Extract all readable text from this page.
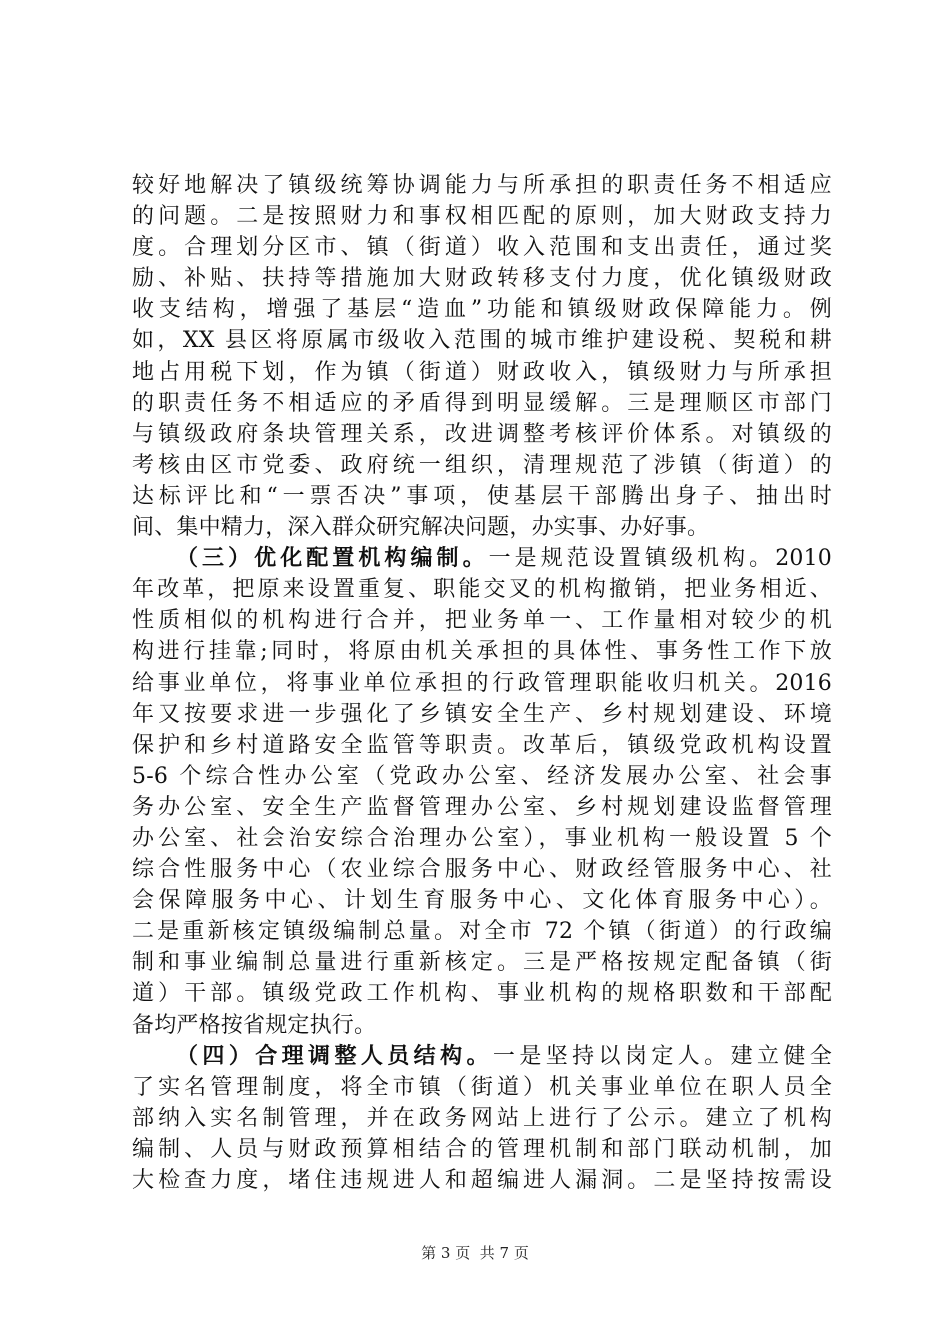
较好地解决了镇级统筹协调能力与所承担的职责任务不相适应
的问题。二是按照财力和事权相匹配的原则，加大财政支持力
度。合理划分区市、镇（街道）收入范围和支出责任，通过奖
励、补贴、扶持等措施加大财政转移支付力度，优化镇级财政
收支结构，增强了基层“造血”功能和镇级财政保障能力。例
如，XX 县区将原属市级收入范围的城市维护建设税、契税和耕
地占用税下划，作为镇（街道）财政收入，镇级财力与所承担
的职责任务不相适应的矛盾得到明显缓解。三是理顺区市部门
与镇级政府条块管理关系，改进调整考核评价体系。对镇级的
考核由区市党委、政府统一组织，清理规范了涉镇（街道）的
达标评比和“一票否决”事项，使基层干部腾出身子、抽出时
间、集中精力，深入群众研究解决问题，办实事、办好事。
（三）优化配置机构编制。一是规范设置镇级机构。2010
年改革，把原来设置重复、职能交叉的机构撤销，把业务相近、
性质相似的机构进行合并，把业务单一、工作量相对较少的机
构进行挂靠;同时，将原由机关承担的具体性、事务性工作下放
给事业单位，将事业单位承担的行政管理职能收归机关。2016
年又按要求进一步强化了乡镇安全生产、乡村规划建设、环境
保护和乡村道路安全监管等职责。改革后，镇级党政机构设置
5-6 个综合性办公室（党政办公室、经济发展办公室、社会事
务办公室、安全生产监督管理办公室、乡村规划建设监督管理
办公室、社会治安综合治理办公室），事业机构一般设置 5 个
综合性服务中心（农业综合服务中心、财政经管服务中心、社
会保障服务中心、计划生育服务中心、文化体育服务中心）。
二是重新核定镇级编制总量。对全市 72 个镇（街道）的行政编
制和事业编制总量进行重新核定。三是严格按规定配备镇（街
道）干部。镇级党政工作机构、事业机构的规格职数和干部配
备均严格按省规定执行。
（四）合理调整人员结构。一是坚持以岗定人。建立健全
了实名管理制度，将全市镇（街道）机关事业单位在职人员全
部纳入实名制管理，并在政务网站上进行了公示。建立了机构
编制、人员与财政预算相结合的管理机制和部门联动机制，加
大检查力度，堵住违规进人和超编进人漏洞。二是坚持按需设
第 3 页 共 7 页
